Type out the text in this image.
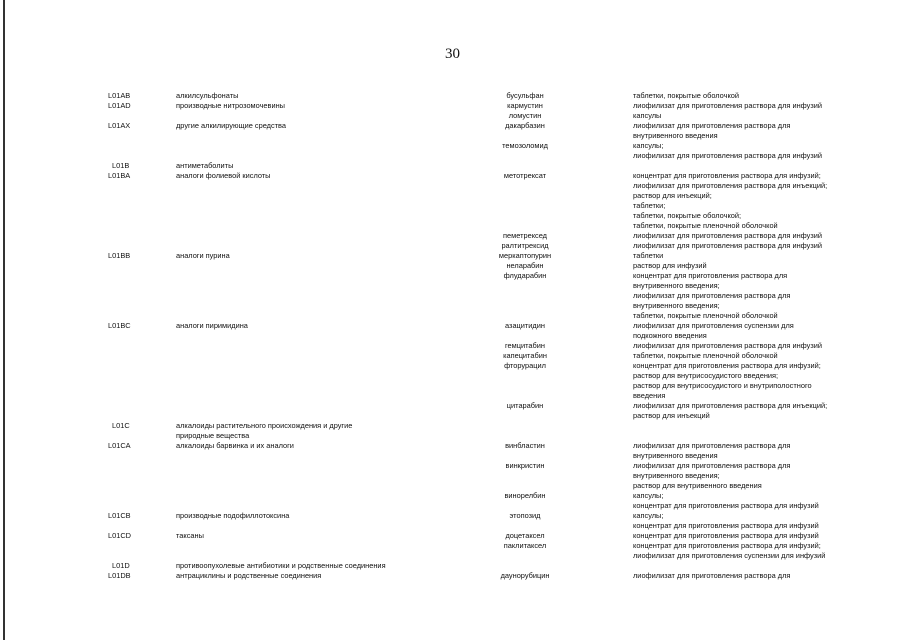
30
L01AB	алкилсульфонаты	бусульфан	таблетки, покрытые оболочкой
L01AD	производные нитрозомочевины	кармустин	лиофилизат для приготовления раствора для инфузий
ломустин	капсулы
L01AX	другие алкилирующие средства	дакарбазин	лиофилизат для приготовления раствора для
внутривенного введения
темозоломид	капсулы;
лиофилизат для приготовления раствора для инфузий
L01B	антиметаболиты
L01BA	аналоги фолиевой кислоты	метотрексат	концентрат для приготовления раствора для инфузий;
лиофилизат для приготовления раствора для инъекций;
раствор для инъекций;
таблетки;
таблетки, покрытые оболочкой;
таблетки, покрытые пленочной оболочкой
пеметрексед	лиофилизат для приготовления раствора для инфузий
ралтитрексид	лиофилизат для приготовления раствора для инфузий
L01BB	аналоги пурина	меркаптопурин	таблетки
неларабин	раствор для инфузий
флударабин	концентрат для приготовления раствора для
внутривенного введения;
лиофилизат для приготовления раствора для
внутривенного введения;
таблетки, покрытые пленочной оболочкой
L01BC	аналоги пиримидина	азацитидин	лиофилизат для приготовления суспензии для
подкожного введения
гемцитабин	лиофилизат для приготовления раствора для инфузий
капецитабин	таблетки, покрытые пленочной оболочкой
фторурацил	концентрат для приготовления раствора для инфузий;
раствор для внутрисосудистого введения;
раствор для внутрисосудистого и внутриполостного
введения
цитарабин	лиофилизат для приготовления раствора для инъекций;
раствор для инъекций
L01C	алкалоиды растительного происхождения и другие
природные вещества
L01CA	алкалоиды барвинка и их аналоги	винбластин	лиофилизат для приготовления раствора для
внутривенного введения
винкристин	лиофилизат для приготовления раствора для
внутривенного введения;
раствор для внутривенного введения
винорелбин	капсулы;
концентрат для приготовления раствора для инфузий
L01CB	производные подофиллотоксина	этопозид	капсулы;
концентрат для приготовления раствора для инфузий
L01CD	таксаны	доцетаксел	концентрат для приготовления раствора для инфузий
паклитаксел	концентрат для приготовления раствора для инфузий;
лиофилизат для приготовления суспензии для инфузий
L01D	противоопухолевые антибиотики и родственные соединения
L01DB	антрациклины и родственные соединения	даунорубицин	лиофилизат для приготовления раствора для
